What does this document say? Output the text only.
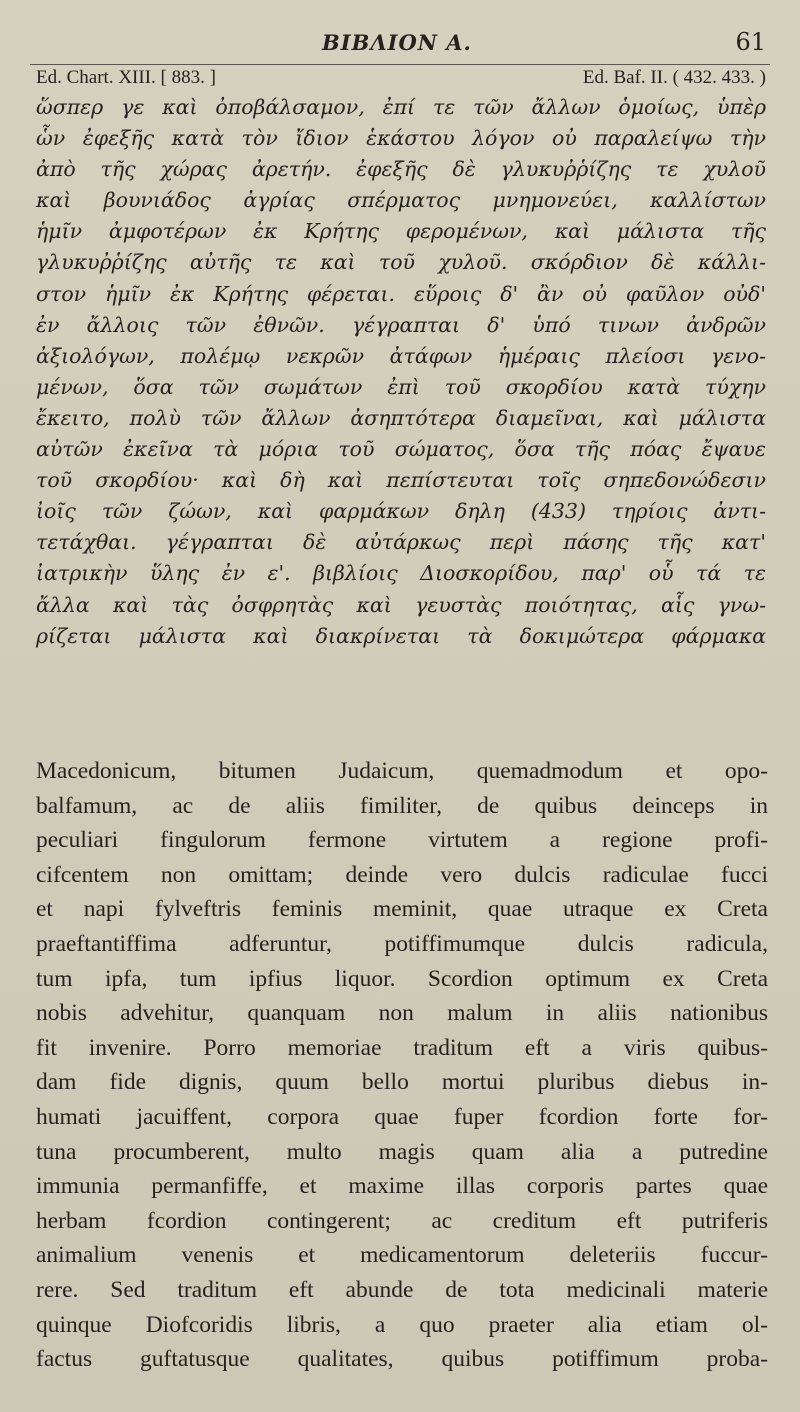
BIBΛION A.	61
Ed. Chart. XIII. [ 883. ]	Ed. Baf. II. ( 432. 433. )
ὥσπερ γε καὶ ὀποβάλσαμον, ἐπί τε τῶν ἄλλων ὁμοίως, ὑπὲρ
ὧν ἐφεξῆς κατὰ τὸν ἴδιον ἑκάστου λόγον οὐ παραλείψω τὴν
ἀπὸ τῆς χώρας ἀρετήν. ἐφεξῆς δὲ γλυκυῤῥίζης τε χυλοῦ
καὶ βουνιάδος ἀγρίας σπέρματος μνημονεύει, καλλίστων
ἡμῖν ἀμφοτέρων ἐκ Κρήτης φερομένων, καὶ μάλιστα τῆς
γλυκυῤῥίζης αὐτῆς τε καὶ τοῦ χυλοῦ. σκόρδιον δὲ κάλλι-
στον ἡμῖν ἐκ Κρήτης φέρεται. εὕροις δ' ἂν οὐ φαῦλον οὐδ'
ἐν ἄλλοις τῶν ἐθνῶν. γέγραπται δ' ὑπό τινων ἀνδρῶν
ἀξιολόγων, πολέμῳ νεκρῶν ἀτάφων ἡμέραις πλείοσι γενο-
μένων, ὅσα τῶν σωμάτων ἐπὶ τοῦ σκορδίου κατὰ τύχην
ἔκειτο, πολὺ τῶν ἄλλων ἀσηπτότερα διαμεῖναι, καὶ μάλιστα
αὐτῶν ἐκεῖνα τὰ μόρια τοῦ σώματος, ὅσα τῆς πόας ἔψαυε
τοῦ σκορδίου· καὶ δὴ καὶ πεπίστευται τοῖς σηπεδονώδεσιν
ἰοῖς τῶν ζώων, καὶ φαρμάκων δηλη (433) τηρίοις ἀντι-
τετάχθαι. γέγραπται δὲ αὐτάρκως περὶ πάσης τῆς κατ'
ἰατρικὴν ὕλης ἐν ε'. βιβλίοις Διοσκορίδου, παρ' οὗ τά τε
ἄλλα καὶ τὰς ὀσφρητὰς καὶ γευστὰς ποιότητας, αἷς γνω-
ρίζεται μάλιστα καὶ διακρίνεται τὰ δοκιμώτερα φάρμακα
Macedonicum, bitumen Judaicum, quemadmodum et opo-
balfamum, ac de aliis fimiliter, de quibus deinceps in
peculiari fingulorum fermone virtutem a regione profi-
cifcentem non omittam; deinde vero dulcis radiculae fucci
et napi fylveftris feminis meminit, quae utraque ex Creta
praeftantiffima adferuntur, potiffimumque dulcis radicula,
tum ipfa, tum ipfius liquor. Scordion optimum ex Creta
nobis advehitur, quanquam non malum in aliis nationibus
fit invenire. Porro memoriae traditum eft a viris quibus-
dam fide dignis, quum bello mortui pluribus diebus in-
humati jacuiffent, corpora quae fuper fcordion forte for-
tuna procumberent, multo magis quam alia a putredine
immunia permanfiffe, et maxime illas corporis partes quae
herbam fcordion contingerent; ac creditum eft putriferis
animalium venenis et medicamentorum deleteriis fuccur-
rere. Sed traditum eft abunde de tota medicinali materie
quinque Diofcoridis libris, a quo praeter alia etiam ol-
factus guftatusque qualitates, quibus potiffimum proba-
